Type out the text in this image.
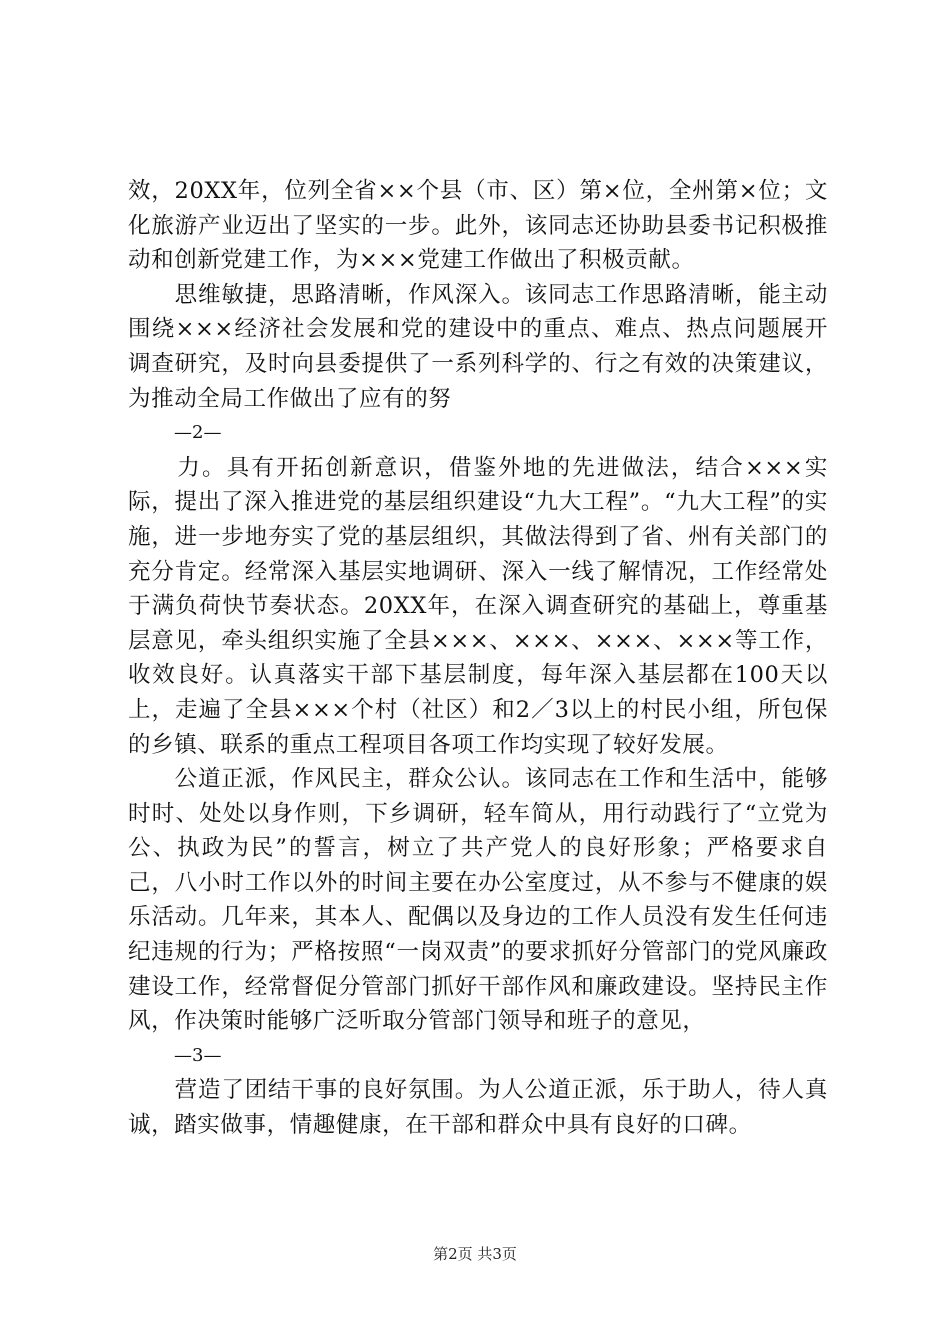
效，20XX年，位列全省××个县（市、区）第×位，全州第×位；文化旅游产业迈出了坚实的一步。此外，该同志还协助县委书记积极推动和创新党建工作，为×××党建工作做出了积极贡献。

　　思维敏捷，思路清晰，作风深入。该同志工作思路清晰，能主动围绕×××经济社会发展和党的建设中的重点、难点、热点问题展开调查研究，及时向县委提供了一系列科学的、行之有效的决策建议，为推动全局工作做出了应有的努

—2—

　　力。具有开拓创新意识，借鉴外地的先进做法，结合×××实际，提出了深入推进党的基层组织建设“九大工程”。“九大工程”的实施，进一步地夯实了党的基层组织，其做法得到了省、州有关部门的充分肯定。经常深入基层实地调研、深入一线了解情况，工作经常处于满负荷快节奏状态。20XX年，在深入调查研究的基础上，尊重基层意见，牵头组织实施了全县×××、×××、×××、×××等工作，收效良好。认真落实干部下基层制度，每年深入基层都在100天以上，走遍了全县×××个村（社区）和2／3以上的村民小组，所包保的乡镇、联系的重点工程项目各项工作均实现了较好发展。

　　公道正派，作风民主，群众公认。该同志在工作和生活中，能够时时、处处以身作则，下乡调研，轻车简从，用行动践行了“立党为公、执政为民”的誓言，树立了共产党人的良好形象；严格要求自己，八小时工作以外的时间主要在办公室度过，从不参与不健康的娱乐活动。几年来，其本人、配偶以及身边的工作人员没有发生任何违纪违规的行为；严格按照“一岗双责”的要求抓好分管部门的党风廉政建设工作，经常督促分管部门抓好干部作风和廉政建设。坚持民主作风，作决策时能够广泛听取分管部门领导和班子的意见，

—3—

　　营造了团结干事的良好氛围。为人公道正派，乐于助人，待人真诚，踏实做事，情趣健康，在干部和群众中具有良好的口碑。

第2页 共3页
